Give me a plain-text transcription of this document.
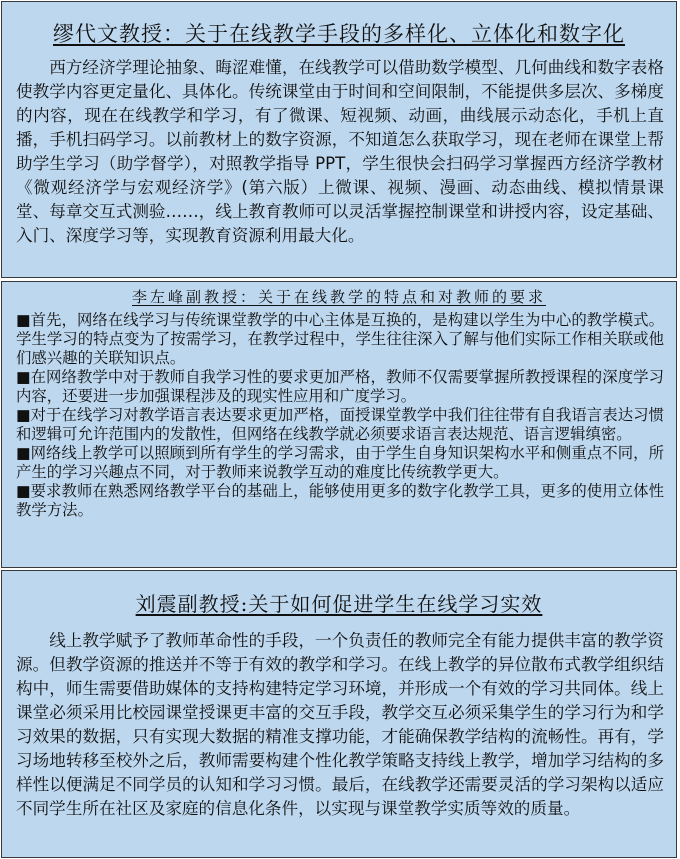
缪代文教授：关于在线教学手段的多样化、立体化和数字化

西方经济学理论抽象、晦涩难懂，在线教学可以借助数学模型、几何曲线和数字表格使教学内容更定量化、具体化。传统课堂由于时间和空间限制，不能提供多层次、多梯度的内容，现在在线教学和学习，有了微课、短视频、动画，曲线展示动态化，手机上直播，手机扫码学习。以前教材上的数字资源，不知道怎么获取学习，现在老师在课堂上帮助学生学习（助学督学），对照教学指导 PPT，学生很快会扫码学习掌握西方经济学教材《微观经济学与宏观经济学》(第六版）上微课、视频、漫画、动态曲线、模拟情景课堂、每章交互式测验……，线上教育教师可以灵活掌握控制课堂和讲授内容，设定基础、入门、深度学习等，实现教育资源利用最大化。

李左峰副教授：关于在线教学的特点和对教师的要求

■首先，网络在线学习与传统课堂教学的中心主体是互换的，是构建以学生为中心的教学模式。学生学习的特点变为了按需学习，在教学过程中，学生往往深入了解与他们实际工作相关联或他们感兴趣的关联知识点。

■在网络教学中对于教师自我学习性的要求更加严格，教师不仅需要掌握所教授课程的深度学习内容，还要进一步加强课程涉及的现实性应用和广度学习。

■对于在线学习对教学语言表达要求更加严格，面授课堂教学中我们往往带有自我语言表达习惯和逻辑可允许范围内的发散性，但网络在线教学就必须要求语言表达规范、语言逻辑缜密。

■网络线上教学可以照顾到所有学生的学习需求，由于学生自身知识架构水平和侧重点不同，所产生的学习兴趣点不同，对于教师来说教学互动的难度比传统教学更大。

■要求教师在熟悉网络教学平台的基础上，能够使用更多的数字化教学工具，更多的使用立体性教学方法。

刘震副教授:关于如何促进学生在线学习实效

线上教学赋予了教师革命性的手段，一个负责任的教师完全有能力提供丰富的教学资源。但教学资源的推送并不等于有效的教学和学习。在线上教学的异位散布式教学组织结构中，师生需要借助媒体的支持构建特定学习环境，并形成一个有效的学习共同体。线上课堂必须采用比校园课堂授课更丰富的交互手段，教学交互必须采集学生的学习行为和学习效果的数据，只有实现大数据的精准支撑功能，才能确保教学结构的流畅性。再有，学习场地转移至校外之后，教师需要构建个性化教学策略支持线上教学，增加学习结构的多样性以便满足不同学员的认知和学习习惯。最后，在线教学还需要灵活的学习架构以适应不同学生所在社区及家庭的信息化条件，以实现与课堂教学实质等效的质量。
